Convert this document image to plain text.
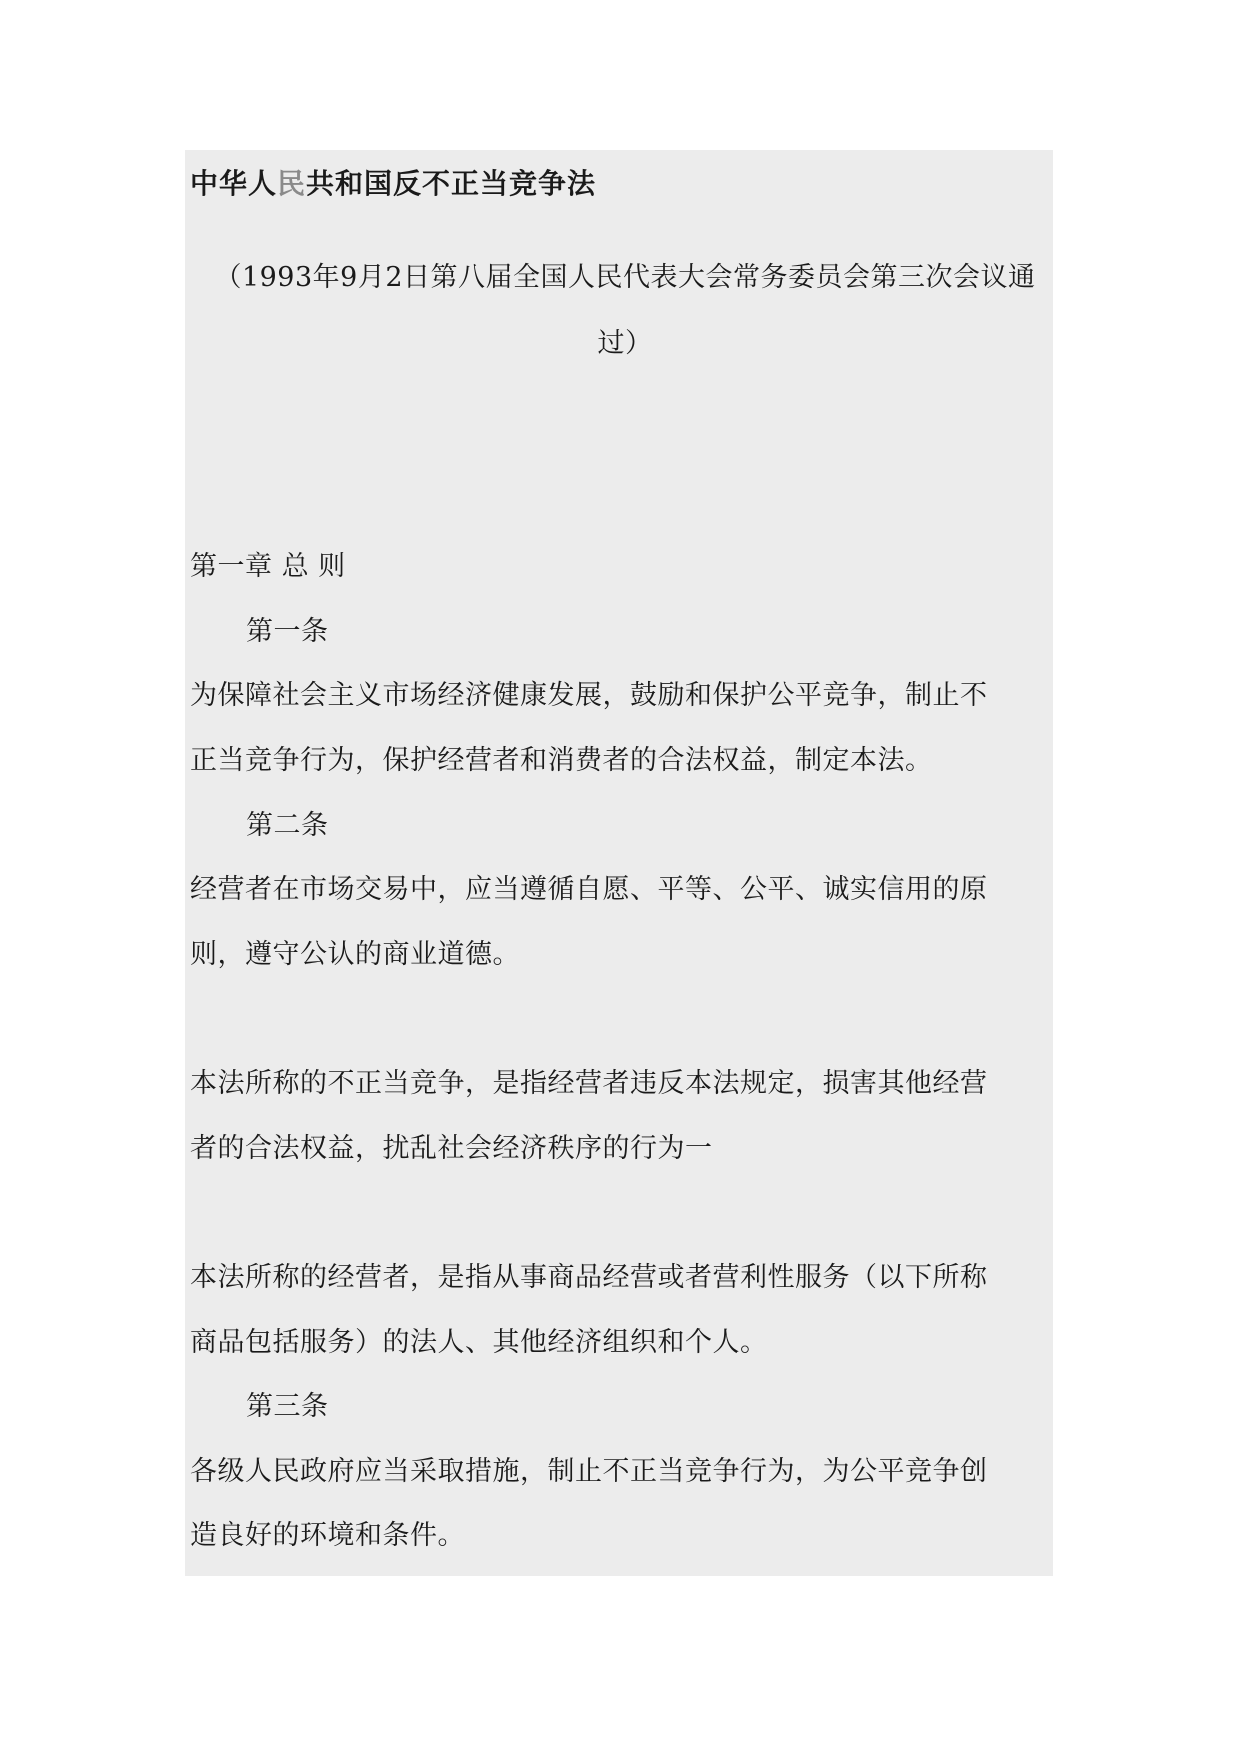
中华人民共和国反不正当竞争法
（1993年9月2日第八届全国人民代表大会常务委员会第三次会议通过）
第一章 总 则
第一条
为保障社会主义市场经济健康发展，鼓励和保护公平竞争，制止不
正当竞争行为，保护经营者和消费者的合法权益，制定本法。
第二条
经营者在市场交易中，应当遵循自愿、平等、公平、诚实信用的原
则，遵守公认的商业道德。
本法所称的不正当竞争，是指经营者违反本法规定，损害其他经营
者的合法权益，扰乱社会经济秩序的行为一
本法所称的经营者，是指从事商品经营或者营利性服务（以下所称
商品包括服务）的法人、其他经济组织和个人。
第三条
各级人民政府应当采取措施，制止不正当竞争行为，为公平竞争创
造良好的环境和条件。
